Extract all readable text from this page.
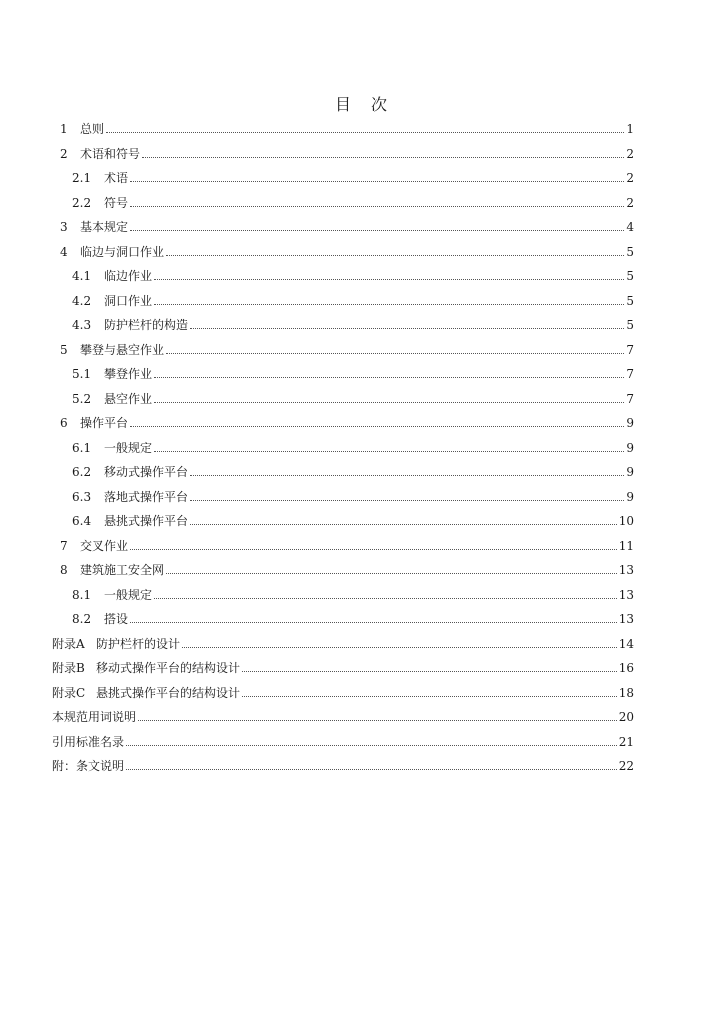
目　次
1	总则	1
2	术语和符号	2
2.1	术语	2
2.2	符号	2
3	基本规定	4
4	临边与洞口作业	5
4.1	临边作业	5
4.2	洞口作业	5
4.3	防护栏杆的构造	5
5	攀登与悬空作业	7
5.1	攀登作业	7
5.2	悬空作业	7
6	操作平台	9
6.1	一般规定	9
6.2	移动式操作平台	9
6.3	落地式操作平台	9
6.4	悬挑式操作平台	10
7	交叉作业	11
8	建筑施工安全网	13
8.1	一般规定	13
8.2	搭设	13
附录A 防护栏杆的设计	14
附录B 移动式操作平台的结构设计	16
附录C 悬挑式操作平台的结构设计	18
本规范用词说明	20
引用标准名录	21
附：条文说明	22
